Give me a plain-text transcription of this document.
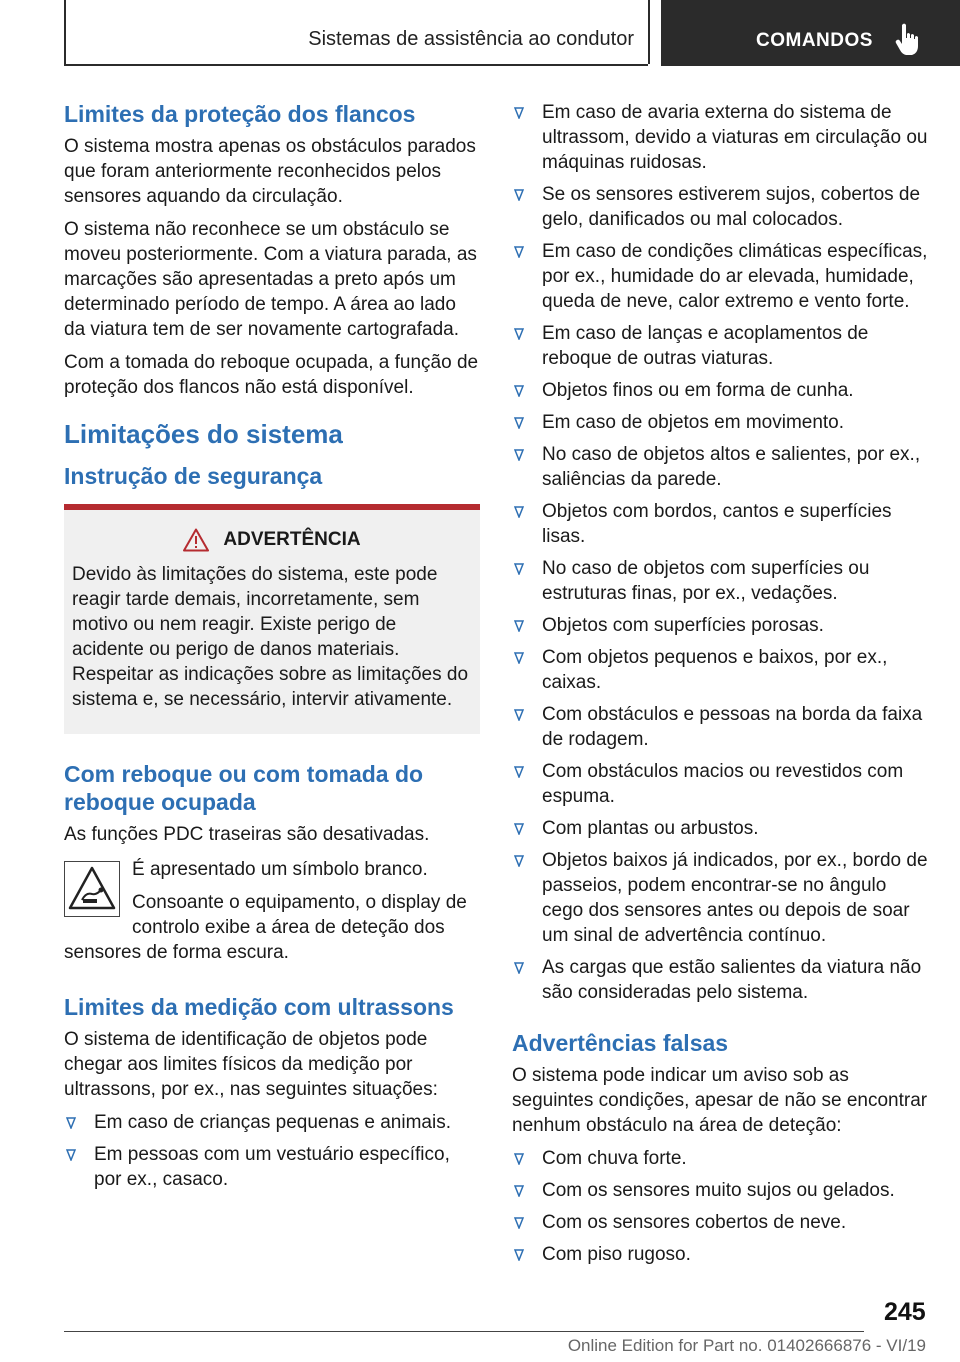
Sistemas de assistência ao condutor	COMANDOS
Limites da proteção dos flancos

O sistema mostra apenas os obstáculos parados que foram anteriormente reconhecidos pelos sensores aquando da circulação.

O sistema não reconhece se um obstáculo se moveu posteriormente. Com a viatura parada, as marcações são apresentadas a preto após um determinado período de tempo. A área ao lado da viatura tem de ser novamente cartografada.

Com a tomada do reboque ocupada, a função de proteção dos flancos não está disponível.

Limitações do sistema
Instrução de segurança
ADVERTÊNCIA
Devido às limitações do sistema, este pode reagir tarde demais, incorretamente, sem motivo ou nem reagir. Existe perigo de acidente ou perigo de danos materiais. Respeitar as indicações sobre as limitações do sistema e, se necessário, intervir ativamente.
Com reboque ou com tomada do reboque ocupada

As funções PDC traseiras são desativadas.

É apresentado um símbolo branco.

Consoante o equipamento, o display de controlo exibe a área de deteção dos sensores de forma escura.

Limites da medição com ultrassons

O sistema de identificação de objetos pode chegar aos limites físicos da medição por ultrassons, por ex., nas seguintes situações:

Em caso de crianças pequenas e animais.
Em pessoas com um vestuário específico, por ex., casaco.
Em caso de avaria externa do sistema de ultrassom, devido a viaturas em circulação ou máquinas ruidosas.
Se os sensores estiverem sujos, cobertos de gelo, danificados ou mal colocados.
Em caso de condições climáticas específicas, por ex., humidade do ar elevada, humidade, queda de neve, calor extremo e vento forte.
Em caso de lanças e acoplamentos de reboque de outras viaturas.
Objetos finos ou em forma de cunha.
Em caso de objetos em movimento.
No caso de objetos altos e salientes, por ex., saliências da parede.
Objetos com bordos, cantos e superfícies lisas.
No caso de objetos com superfícies ou estruturas finas, por ex., vedações.
Objetos com superfícies porosas.
Com objetos pequenos e baixos, por ex., caixas.
Com obstáculos e pessoas na borda da faixa de rodagem.
Com obstáculos macios ou revestidos com espuma.
Com plantas ou arbustos.
Objetos baixos já indicados, por ex., bordo de passeios, podem encontrar-se no ângulo cego dos sensores antes ou depois de soar um sinal de advertência contínuo.
As cargas que estão salientes da viatura não são consideradas pelo sistema.
Advertências falsas

O sistema pode indicar um aviso sob as seguintes condições, apesar de não se encontrar nenhum obstáculo na área de deteção:

Com chuva forte.
Com os sensores muito sujos ou gelados.
Com os sensores cobertos de neve.
Com piso rugoso.
245
Online Edition for Part no. 01402666876 - VI/19
